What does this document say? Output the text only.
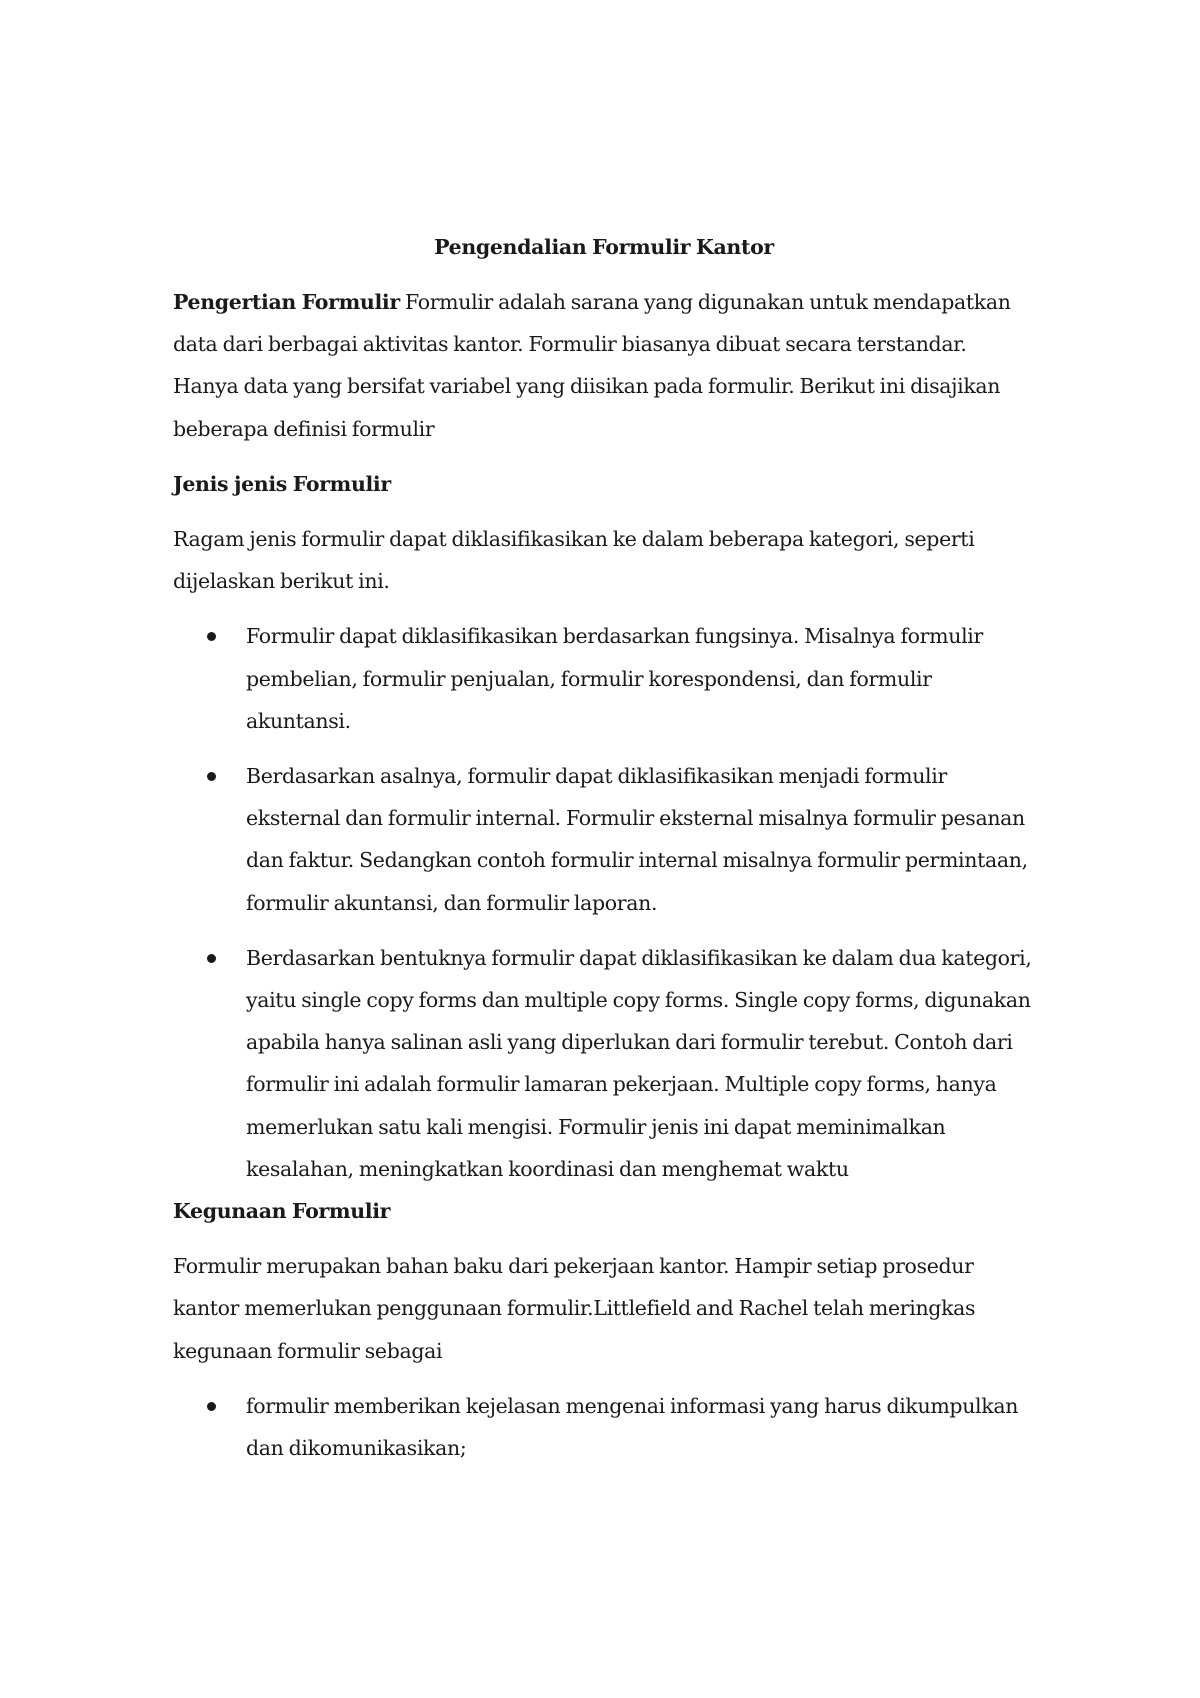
Pengendalian Formulir Kantor

Pengertian Formulir Formulir adalah sarana yang digunakan untuk mendapatkan data dari berbagai aktivitas kantor. Formulir biasanya dibuat secara terstandar. Hanya data yang bersifat variabel yang diisikan pada formulir. Berikut ini disajikan beberapa definisi formulir

Jenis jenis Formulir

Ragam jenis formulir dapat diklasifikasikan ke dalam beberapa kategori, seperti dijelaskan berikut ini.

Formulir dapat diklasifikasikan berdasarkan fungsinya. Misalnya formulir pembelian, formulir penjualan, formulir korespondensi, dan formulir akuntansi.
Berdasarkan asalnya, formulir dapat diklasifikasikan menjadi formulir eksternal dan formulir internal. Formulir eksternal misalnya formulir pesanan dan faktur. Sedangkan contoh formulir internal misalnya formulir permintaan, formulir akuntansi, dan formulir laporan.
Berdasarkan bentuknya formulir dapat diklasifikasikan ke dalam dua kategori, yaitu single copy forms dan multiple copy forms. Single copy forms, digunakan apabila hanya salinan asli yang diperlukan dari formulir terebut. Contoh dari formulir ini adalah formulir lamaran pekerjaan. Multiple copy forms, hanya memerlukan satu kali mengisi. Formulir jenis ini dapat meminimalkan kesalahan, meningkatkan koordinasi dan menghemat waktu
Kegunaan Formulir

Formulir merupakan bahan baku dari pekerjaan kantor. Hampir setiap prosedur kantor memerlukan penggunaan formulir.Littlefield and Rachel telah meringkas kegunaan formulir sebagai

formulir memberikan kejelasan mengenai informasi yang harus dikumpulkan dan dikomunikasikan;
